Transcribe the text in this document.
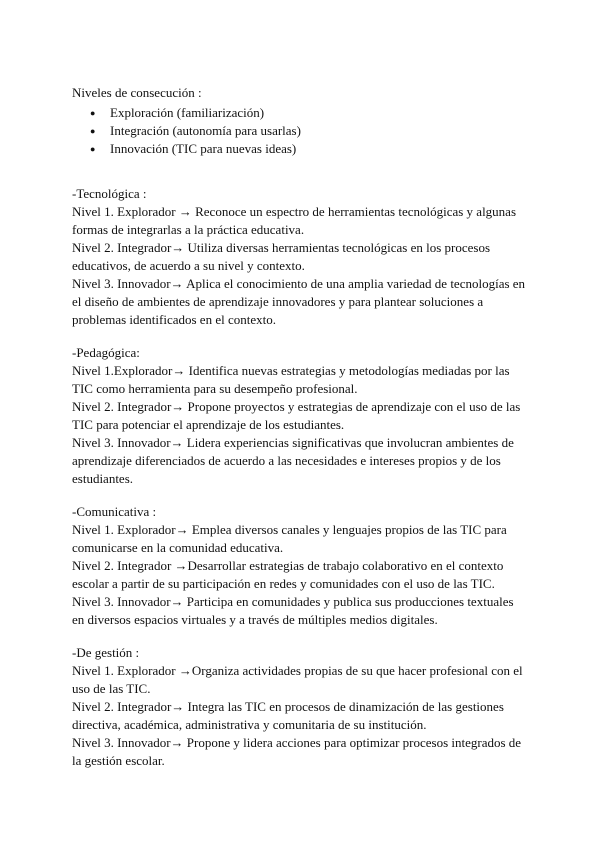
Niveles de consecución :

● Exploración (familiarización)
● Integración (autonomía para usarlas)
● Innovación (TIC para nuevas ideas)

-Tecnológica :

Nivel 1. Explorador → Reconoce un espectro de herramientas tecnológicas y algunas formas de integrarlas a la práctica educativa.

Nivel 2. Integrador→ Utiliza diversas herramientas tecnológicas en los procesos educativos, de acuerdo a su nivel y contexto.

Nivel 3. Innovador→ Aplica el conocimiento de una amplia variedad de tecnologías en el diseño de ambientes de aprendizaje innovadores y para plantear soluciones a problemas identificados en el contexto.

-Pedagógica:

Nivel 1.Explorador→ Identifica nuevas estrategias y metodologías mediadas por las TIC como herramienta para su desempeño profesional.

Nivel 2. Integrador→ Propone proyectos y estrategias de aprendizaje con el uso de las TIC para potenciar el aprendizaje de los estudiantes.

Nivel 3. Innovador→ Lidera experiencias significativas que involucran ambientes de aprendizaje diferenciados de acuerdo a las necesidades e intereses propios y de los estudiantes.

-Comunicativa :

Nivel 1. Explorador→ Emplea diversos canales y lenguajes propios de las TIC para comunicarse en la comunidad educativa.

Nivel 2. Integrador →Desarrollar estrategias de trabajo colaborativo en el contexto escolar a partir de su participación en redes y comunidades con el uso de las TIC.

Nivel 3. Innovador→ Participa en comunidades y publica sus producciones textuales en diversos espacios virtuales y a través de múltiples medios digitales.

-De gestión :

Nivel 1. Explorador →Organiza actividades propias de su que hacer profesional con el uso de las TIC.

Nivel 2. Integrador→ Integra las TIC en procesos de dinamización de las gestiones directiva, académica, administrativa y comunitaria de su institución.

Nivel 3. Innovador→ Propone y lidera acciones para optimizar procesos integrados de la gestión escolar.
